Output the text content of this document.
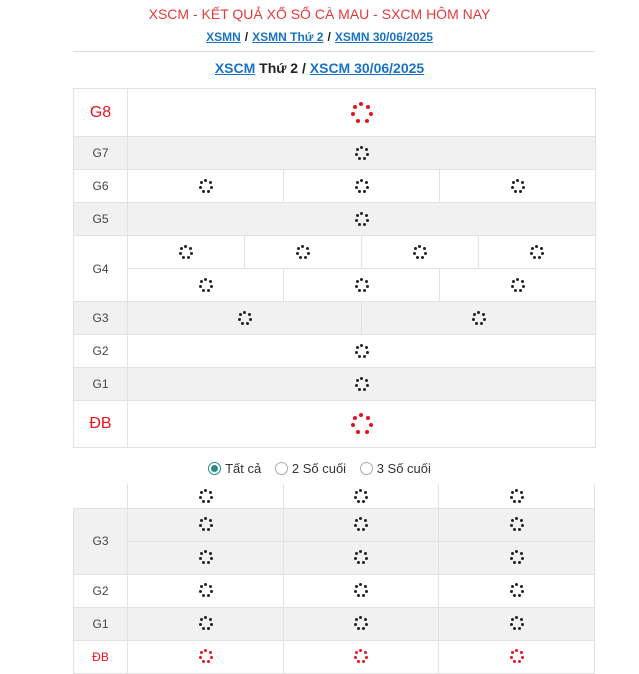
XSCM - KẾT QUẢ XỔ SỐ CÀ MAU - SXCM HÔM NAY
XSMN / XSMN Thứ 2 / XSMN 30/06/2025
XSCM Thứ 2 / XSCM 30/06/2025
G8						

G7						

G6				

G5						

G4			

G3					

G2						

G1						

ĐB						
Tất cả 2 Số cuối 3 Số cuối

G3	

G2	

G1	

ĐB	
